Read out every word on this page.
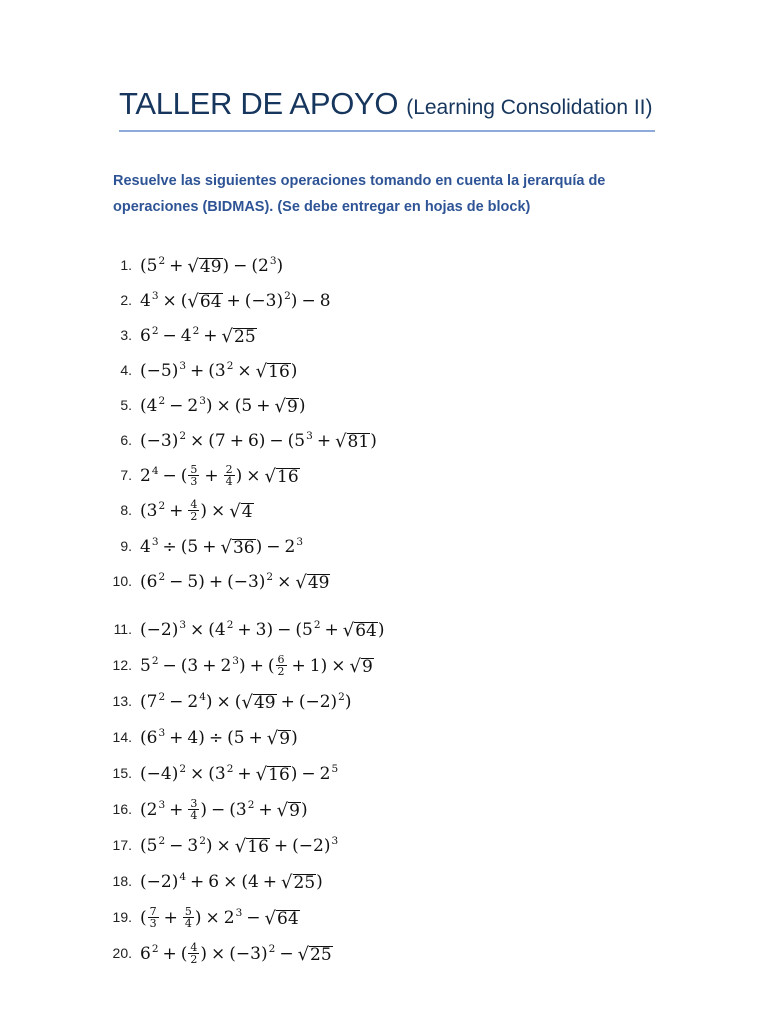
TALLER DE APOYO (Learning Consolidation II)
Resuelve las siguientes operaciones tomando en cuenta la jerarquía de
operaciones (BIDMAS). (Se debe entregar en hojas de block)
1. $(5^2 + √49) - (2^3)$
2. $4^3 \times (√64 + (-3)^2) - 8$
3. $6^2 - 4^2 + √25$
4. $(-5)^3 + (3^2 \times √16)$
5. $(4^2 - 2^3) \times (5 + √9)$
6. $(-3)^2 \times (7 + 6) - (5^3 + √81)$
7. $2^4$ − ( $\frac{5}{3} + \frac{2}{4}$ ) × √16
8. ($3^2 + \frac{4}{2}$ ) × √4
9. $4^3 \div (5 + √36) - 2^3$
10. $(6^2 - 5) + (-3)^2 \times √49$
11. $(-2)^3 \times (4^2 + 3) - (5^2 + √64)$
12. $5^2 - (3 + 2^3)$ + ( $\frac{6}{2} + 1) \times √9$
13. $(7^2 - 2^4) \times (√49 + (-2)^2)$
14. $(6^3 + 4) \div (5 + √9)$
15. $(-4)^2 \times (3^2 + √16) - 2^5$
16. ($2^3 + \frac{3}{4}$ ) − $(3^2 + √9)$
17. $(5^2 - 3^2) \times √16 + (-2)^3$
18. $(-2)^4 + 6 \times (4 + √25)$
19. ( $\frac{7}{3} + \frac{5}{4}$ ) × $2^3 - √64$
20. $6^2$ + ( $\frac{4}{2}$ ) × $(-3)^2 - √25$
